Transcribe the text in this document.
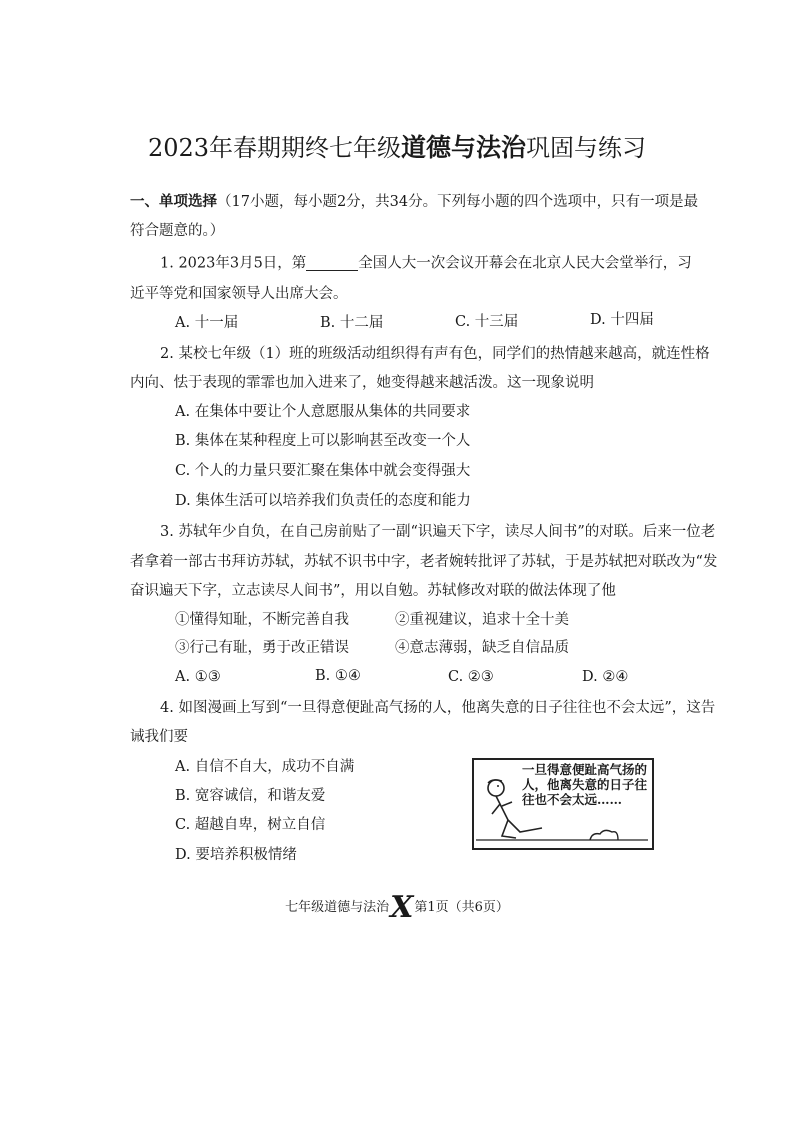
2023年春期期终七年级道德与法治巩固与练习
一、单项选择（17小题，每小题2分，共34分。下列每小题的四个选项中，只有一项是最
符合题意的。）
1. 2023年3月5日，第	全国人大一次会议开幕会在北京人民大会堂举行，习
近平等党和国家领导人出席大会。
A. 十一届	B. 十二届	C. 十三届	D. 十四届
2. 某校七年级（1）班的班级活动组织得有声有色，同学们的热情越来越高，就连性格
内向、怯于表现的霏霏也加入进来了，她变得越来越活泼。这一现象说明
A. 在集体中要让个人意愿服从集体的共同要求
B. 集体在某种程度上可以影响甚至改变一个人
C. 个人的力量只要汇聚在集体中就会变得强大
D. 集体生活可以培养我们负责任的态度和能力
3. 苏轼年少自负，在自己房前贴了一副“识遍天下字，读尽人间书”的对联。后来一位老
者拿着一部古书拜访苏轼，苏轼不识书中字，老者婉转批评了苏轼，于是苏轼把对联改为“发
奋识遍天下字，立志读尽人间书”，用以自勉。苏轼修改对联的做法体现了他
①懂得知耻，不断完善自我	②重视建议，追求十全十美
③行己有耻，勇于改正错误	④意志薄弱，缺乏自信品质
A. ①③	B. ①④	C. ②③	D. ②④
4. 如图漫画上写到“一旦得意便趾高气扬的人，他离失意的日子往往也不会太远”，这告
诫我们要
A. 自信不自大，成功不自满
B. 宽容诚信，和谐友爱
C. 超越自卑，树立自信
D. 要培养积极情绪
一旦得意便趾高气扬的
人，他离失意的日子往
往也不会太远……
七年级道德与法治X第1页（共6页）
